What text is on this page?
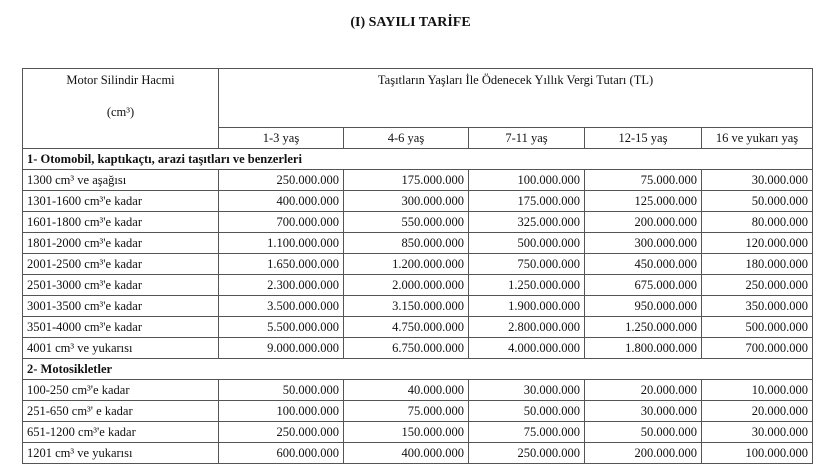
(I) SAYILI TARİFE
Motor Silindir Hacmi
(cm³)	Taşıtların Yaşları İle Ödenecek Yıllık Vergi Tutarı (TL)				
	1-3 yaş	4-6 yaş	7-11 yaş	12-15 yaş	16 ve yukarı yaş
1- Otomobil, kaptıkaçtı, arazi taşıtları ve benzerleri					
1300 cm³ ve aşağısı	250.000.000	175.000.000	100.000.000	75.000.000	30.000.000
1301-1600 cm³'e kadar	400.000.000	300.000.000	175.000.000	125.000.000	50.000.000
1601-1800 cm³'e kadar	700.000.000	550.000.000	325.000.000	200.000.000	80.000.000
1801-2000 cm³'e kadar	1.100.000.000	850.000.000	500.000.000	300.000.000	120.000.000
2001-2500 cm³'e kadar	1.650.000.000	1.200.000.000	750.000.000	450.000.000	180.000.000
2501-3000 cm³'e kadar	2.300.000.000	2.000.000.000	1.250.000.000	675.000.000	250.000.000
3001-3500 cm³'e kadar	3.500.000.000	3.150.000.000	1.900.000.000	950.000.000	350.000.000
3501-4000 cm³'e kadar	5.500.000.000	4.750.000.000	2.800.000.000	1.250.000.000	500.000.000
4001 cm³ ve yukarısı	9.000.000.000	6.750.000.000	4.000.000.000	1.800.000.000	700.000.000
2- Motosikletler					
100-250 cm³'e kadar	50.000.000	40.000.000	30.000.000	20.000.000	10.000.000
251-650 cm³' e kadar	100.000.000	75.000.000	50.000.000	30.000.000	20.000.000
651-1200 cm³'e kadar	250.000.000	150.000.000	75.000.000	50.000.000	30.000.000
1201 cm³ ve yukarısı	600.000.000	400.000.000	250.000.000	200.000.000	100.000.000
